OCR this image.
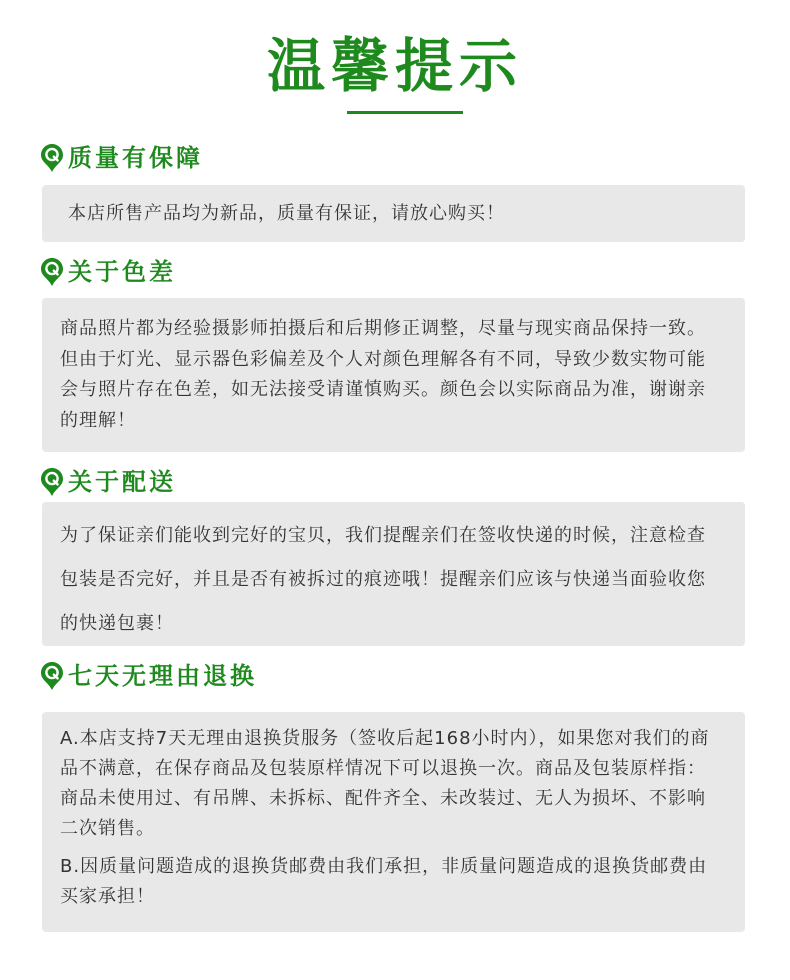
温馨提示
质量有保障

本店所售产品均为新品，质量有保证，请放心购买！

关于色差

商品照片都为经验摄影师拍摄后和后期修正调整，尽量与现实商品保持一致。但由于灯光、显示器色彩偏差及个人对颜色理解各有不同，导致少数实物可能会与照片存在色差，如无法接受请谨慎购买。颜色会以实际商品为准，谢谢亲的理解！

关于配送

为了保证亲们能收到完好的宝贝，我们提醒亲们在签收快递的时候，注意检查包装是否完好，并且是否有被拆过的痕迹哦！提醒亲们应该与快递当面验收您的快递包裹！

七天无理由退换

A.本店支持7天无理由退换货服务（签收后起168小时内），如果您对我们的商品不满意，在保存商品及包装原样情况下可以退换一次。商品及包装原样指：商品未使用过、有吊牌、未拆标、配件齐全、未改装过、无人为损坏、不影响二次销售。

B.因质量问题造成的退换货邮费由我们承担，非质量问题造成的退换货邮费由买家承担！
